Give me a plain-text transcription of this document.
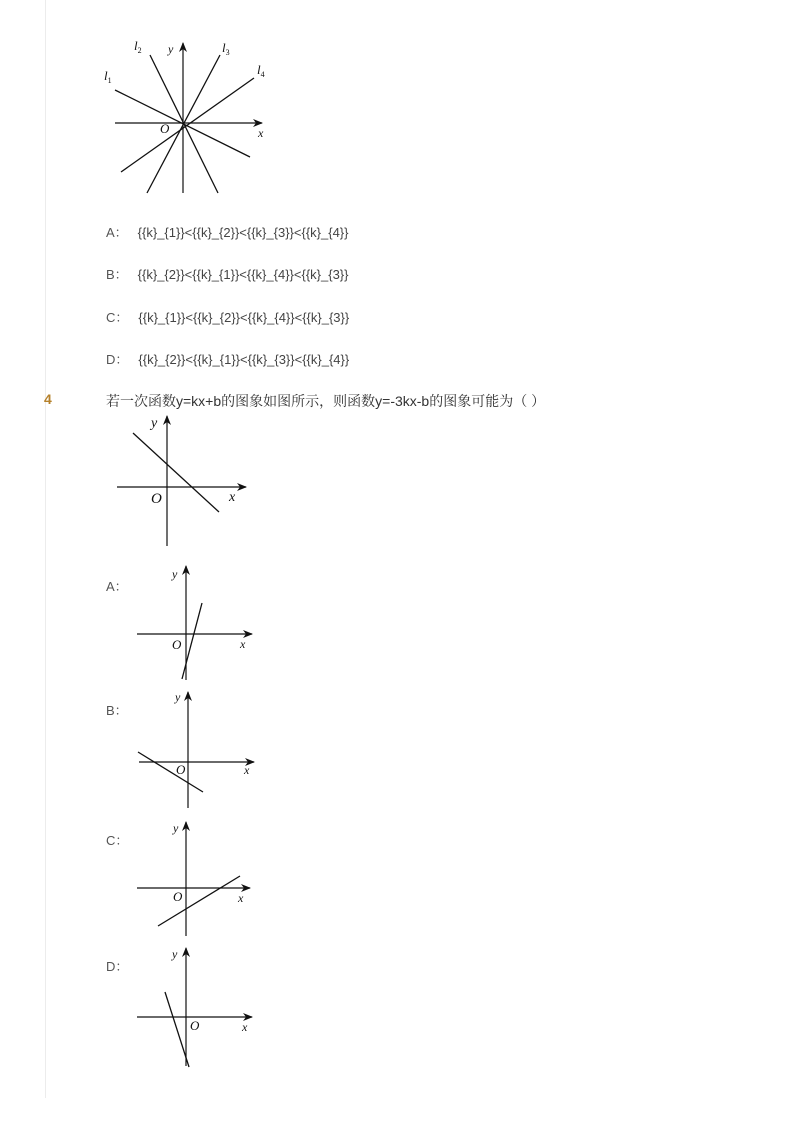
$l_1$
$l_2$	$l_3$
$l_4$
y
x
O
A： {{k}_{1}}<{{k}_{2}}<{{k}_{3}}<{{k}_{4}}
B： {{k}_{2}}<{{k}_{1}}<{{k}_{4}}<{{k}_{3}}
C： {{k}_{1}}<{{k}_{2}}<{{k}_{4}}<{{k}_{3}}
D： {{k}_{2}}<{{k}_{1}}<{{k}_{3}}<{{k}_{4}}
4	若一次函数y=kx+b的图象如图所示，则函数y=-3kx-b的图象可能为（ ）
y
x
O
A：
y
x
O
B：
y
x
O
C：
y
x
O
D：
y
x
O
